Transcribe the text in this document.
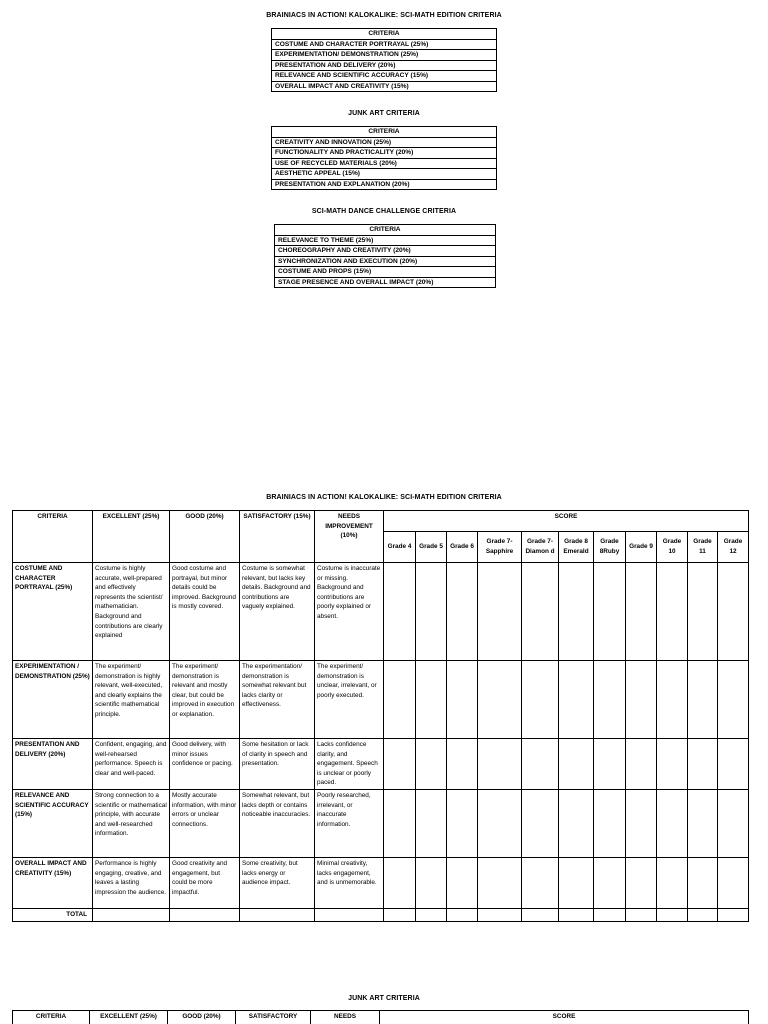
BRAINIACS IN ACTION! KALOKALIKE: SCI-MATH EDITION CRITERIA
CRITERIA
COSTUME AND CHARACTER PORTRAYAL (25%)
EXPERIMENTATION/ DEMONSTRATION (25%)
PRESENTATION AND DELIVERY (20%)
RELEVANCE AND SCIENTIFIC ACCURACY (15%)
OVERALL IMPACT AND CREATIVITY (15%)
JUNK ART CRITERIA
CRITERIA
CREATIVITY AND INNOVATION (25%)
FUNCTIONALITY AND PRACTICALITY (20%)
USE OF RECYCLED MATERIALS (20%)
AESTHETIC APPEAL (15%)
PRESENTATION AND EXPLANATION (20%)
SCI-MATH DANCE CHALLENGE CRITERIA
CRITERIA
RELEVANCE TO THEME (25%)
CHOREOGRAPHY AND CREATIVITY (20%)
SYNCHRONIZATION AND EXECUTION (20%)
COSTUME AND PROPS (15%)
STAGE PRESENCE AND OVERALL IMPACT (20%)
BRAINIACS IN ACTION! KALOKALIKE: SCI-MATH EDITION CRITERIA
CRITERIA	EXCELLENT (25%)	GOOD (20%)	SATISFACTORY (15%)	NEEDS IMPROVEMENT (10%)	SCORE										
					Grade 4	Grade 5	Grade 6	Grade 7- Sapphire	Grade 7- Diamon d	Grade 8 Emerald	Grade 8Ruby	Grade 9	Grade 10	Grade 11	Grade 12
COSTUME AND CHARACTER PORTRAYAL (25%)	Costume is highly accurate, well-prepared and effectively represents the scientist/ mathematician. Background and contributions are clearly explained	Good costume and portrayal, but minor details could be improved. Background is mostly covered.	Costume is somewhat relevant, but lacks key details. Background and contributions are vaguely explained.	Costume is inaccurate or missing. Background and contributions are poorly explained or absent.											
EXPERIMENTATION / DEMONSTRATION (25%)	The experiment/ demonstration is highly relevant, well-executed, and clearly explains the scientific mathematical principle.	The experiment/ demonstration is relevant and mostly clear, but could be improved in execution or explanation.	The experimentation/ demonstration is somewhat relevant but lacks clarity or effectiveness.	The experiment/ demonstration is unclear, irrelevant, or poorly executed.											
PRESENTATION AND DELIVERY (20%)	Confident, engaging, and well-rehearsed performance. Speech is clear and well-paced.	Good delivery, with minor issues confidence or pacing.	Some hesitation or lack of clarity in speech and presentation.	Lacks confidence clarity, and engagement. Speech is unclear or poorly paced.											
RELEVANCE AND SCIENTIFIC ACCURACY (15%)	Strong connection to a scientific or mathematical principle, with accurate and well-researched information.	Mostly accurate information, with minor errors or unclear connections.	Somewhat relevant, but lacks depth or contains noticeable inaccuracies.	Poorly researched, irrelevant, or inaccurate information.											
OVERALL IMPACT AND CREATIVITY (15%)	Performance is highly engaging, creative, and leaves a lasting impression the audience.	Good creativity and engagement, but could be more impactful.	Some creativity, but lacks energy or audience impact.	Minimal creativity, lacks engagement, and is unmemorable.											
TOTAL															
JUNK ART CRITERIA
CRITERIA	EXCELLENT (25%)	GOOD (20%)	SATISFACTORY	NEEDS	SCORE
